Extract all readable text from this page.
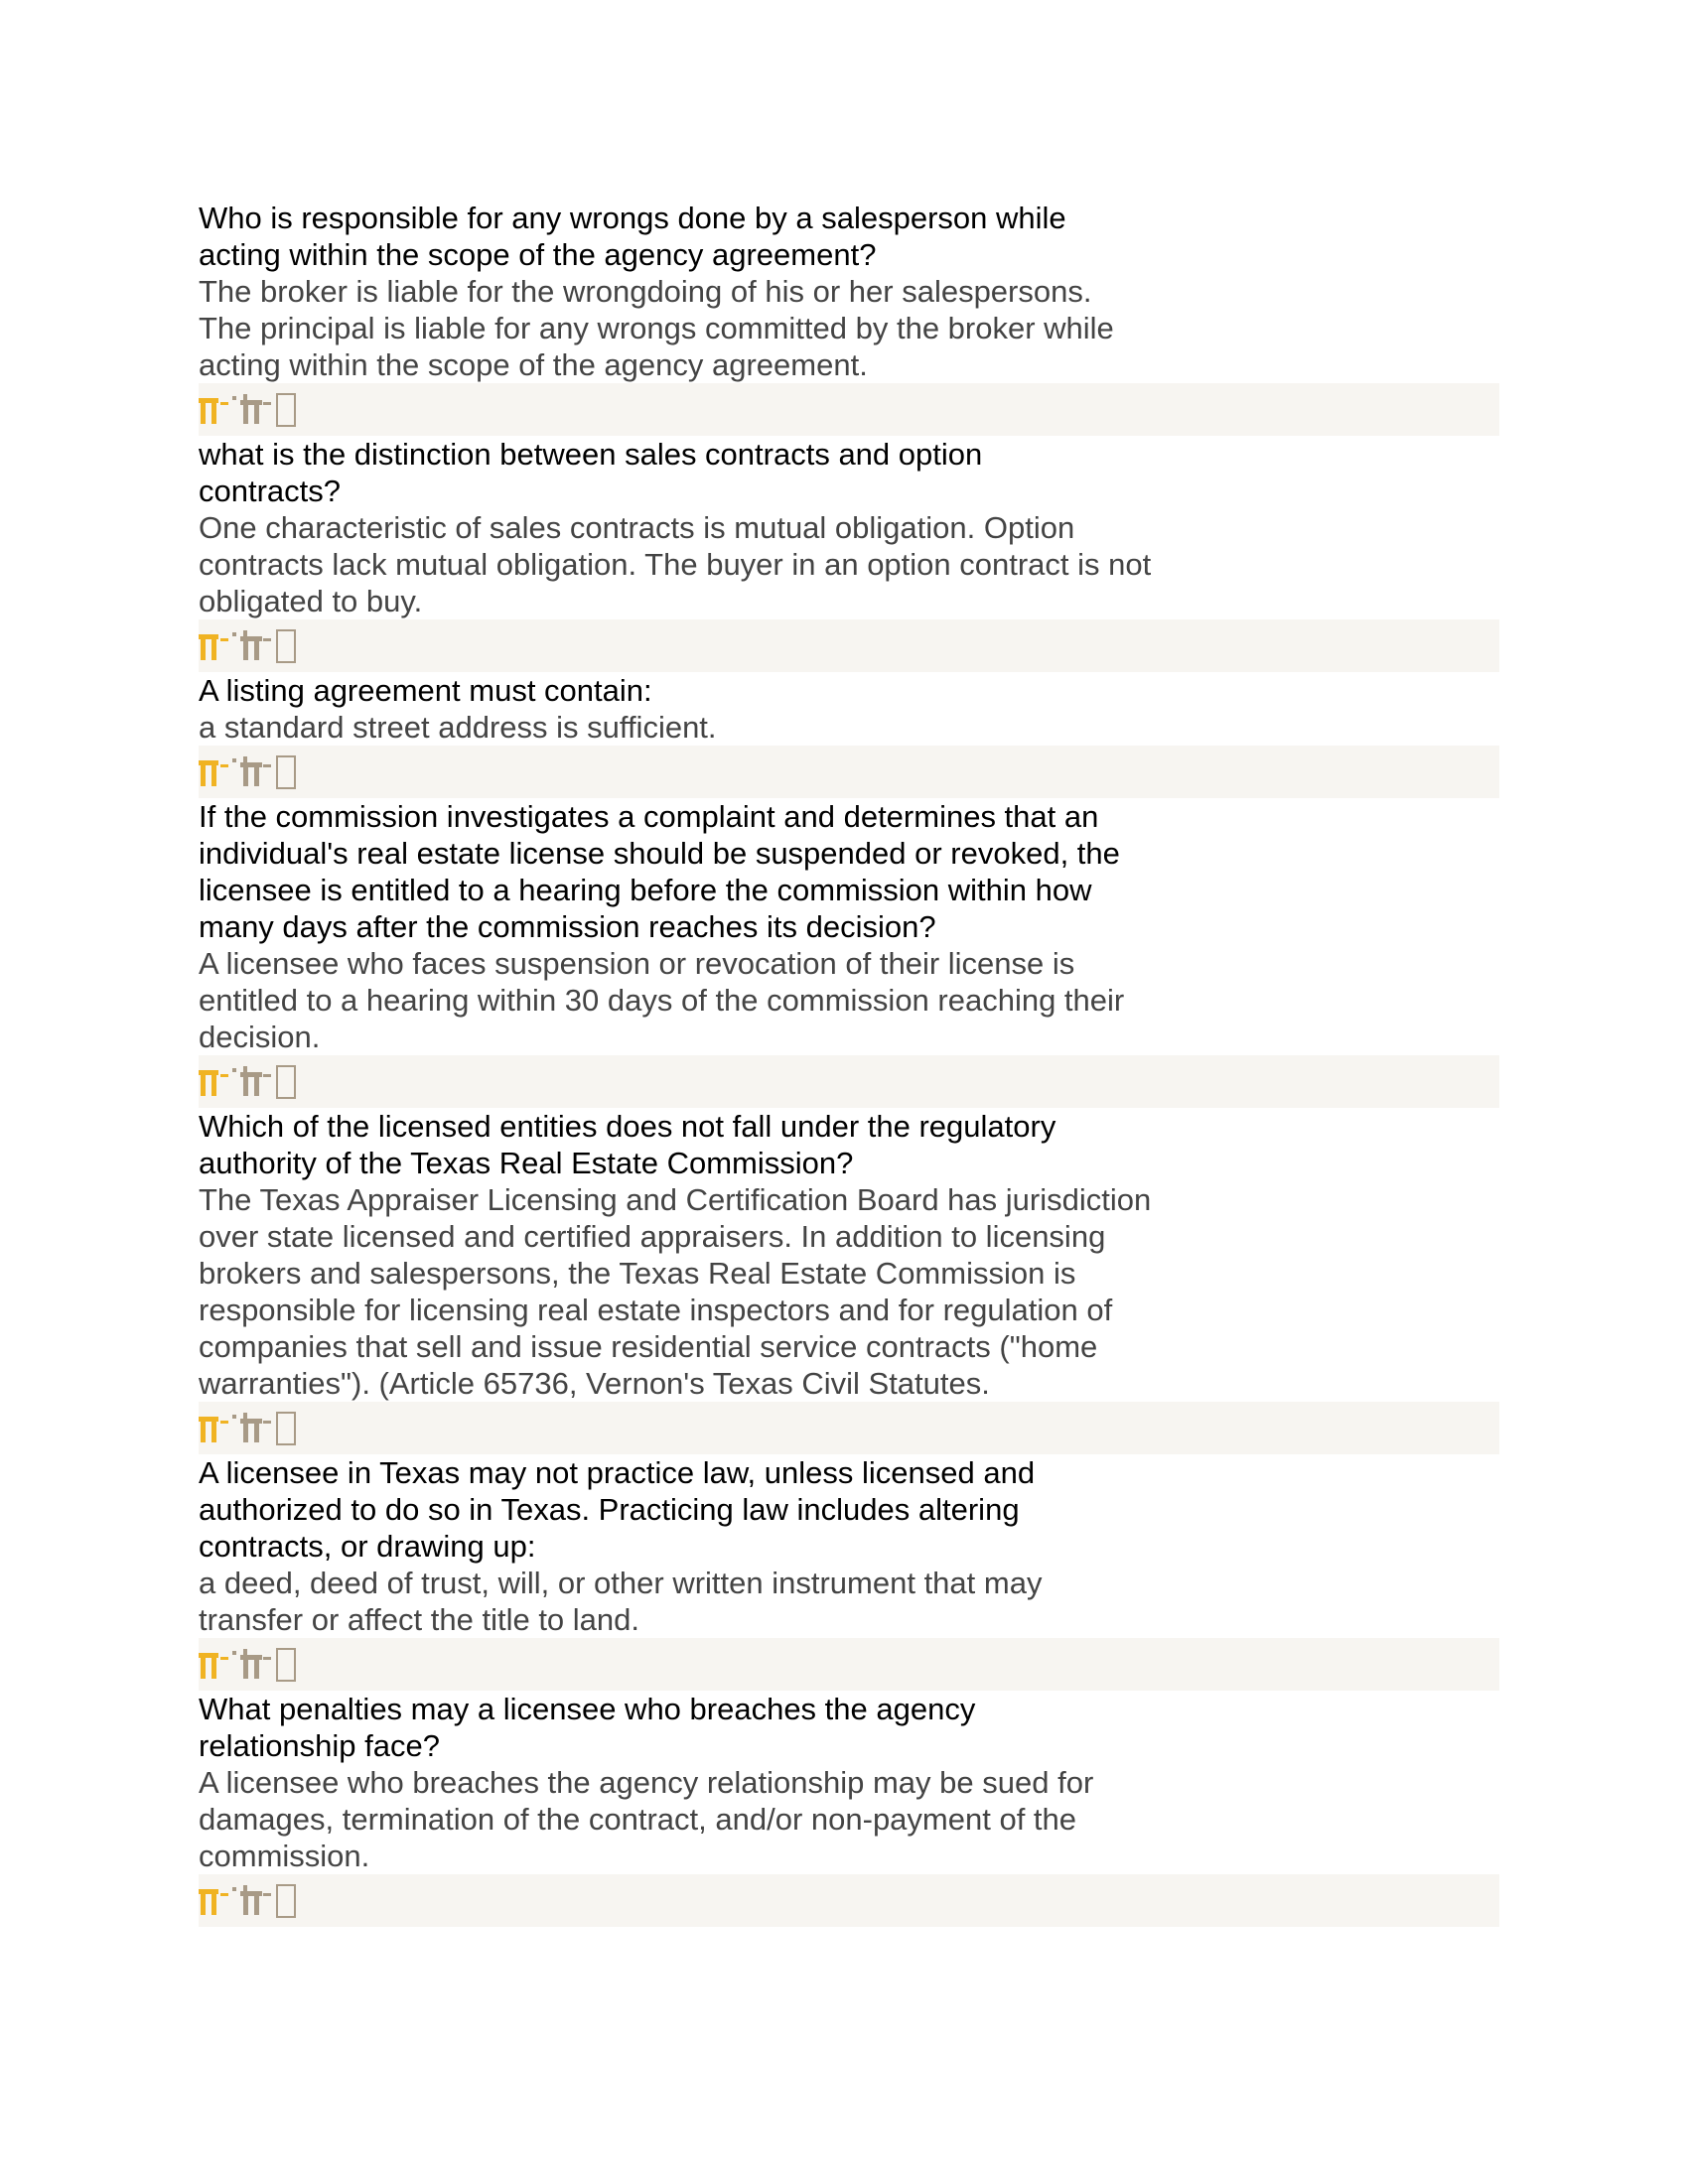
Who is responsible for any wrongs done by a salesperson while acting within the scope of the agency agreement?
The broker is liable for the wrongdoing of his or her salespersons. The principal is liable for any wrongs committed by the broker while acting within the scope of the agency agreement.
what is the distinction between sales contracts and option contracts?
One characteristic of sales contracts is mutual obligation. Option contracts lack mutual obligation. The buyer in an option contract is not obligated to buy.
A listing agreement must contain:
a standard street address is sufficient.
If the commission investigates a complaint and determines that an individual's real estate license should be suspended or revoked, the licensee is entitled to a hearing before the commission within how many days after the commission reaches its decision?
A licensee who faces suspension or revocation of their license is entitled to a hearing within 30 days of the commission reaching their decision.
Which of the licensed entities does not fall under the regulatory authority of the Texas Real Estate Commission?
The Texas Appraiser Licensing and Certification Board has jurisdiction over state licensed and certified appraisers. In addition to licensing brokers and salespersons, the Texas Real Estate Commission is responsible for licensing real estate inspectors and for regulation of companies that sell and issue residential service contracts ("home warranties"). (Article 65736, Vernon's Texas Civil Statutes.
A licensee in Texas may not practice law, unless licensed and authorized to do so in Texas. Practicing law includes altering contracts, or drawing up:
a deed, deed of trust, will, or other written instrument that may transfer or affect the title to land.
What penalties may a licensee who breaches the agency relationship face?
A licensee who breaches the agency relationship may be sued for damages, termination of the contract, and/or non-payment of the commission.
